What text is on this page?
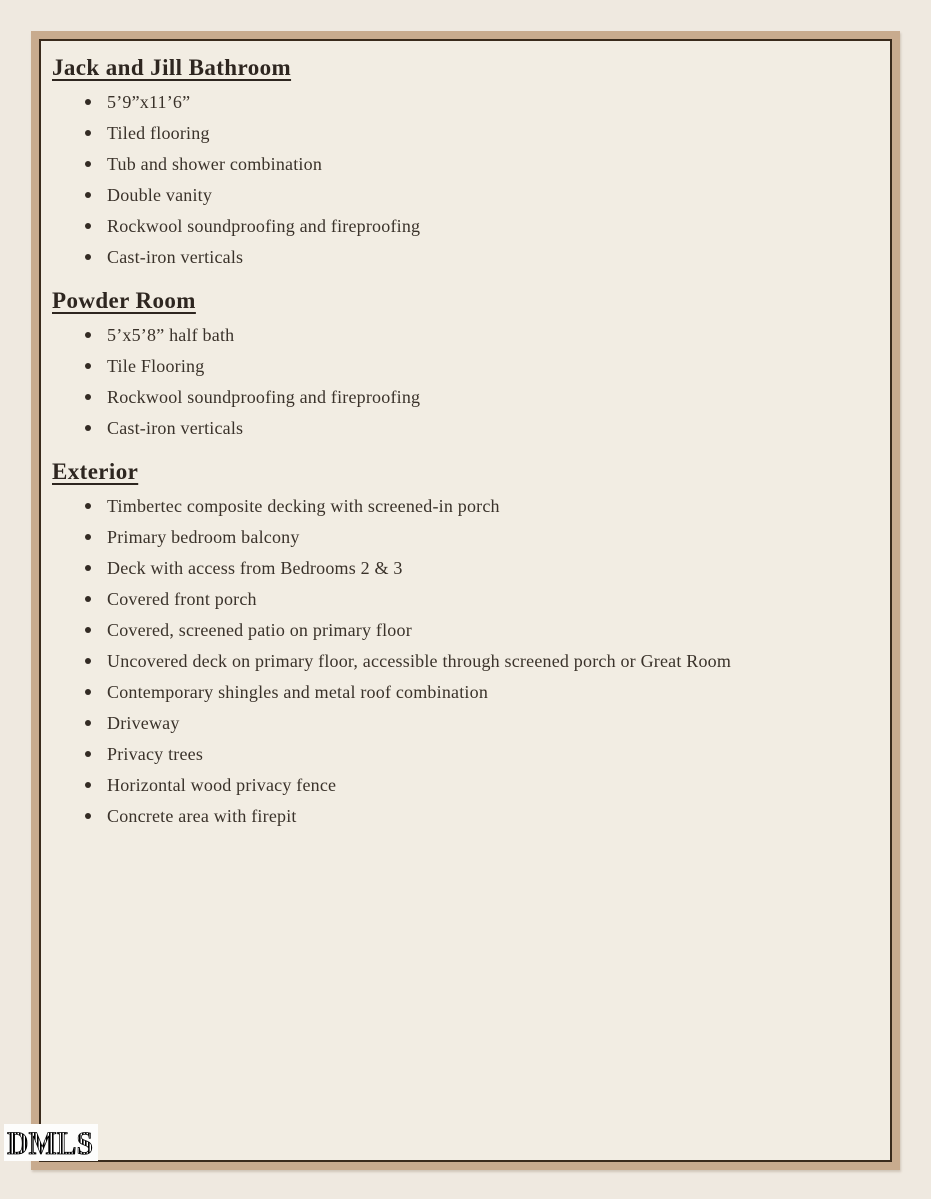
Jack and Jill Bathroom
5’9”x11’6”
Tiled flooring
Tub and shower combination
Double vanity
Rockwool soundproofing and fireproofing
Cast-iron verticals
Powder Room
5’x5’8” half bath
Tile Flooring
Rockwool soundproofing and fireproofing
Cast-iron verticals
Exterior
Timbertec composite decking with screened-in porch
Primary bedroom balcony
Deck with access from Bedrooms 2 & 3
Covered front porch
Covered, screened patio on primary floor
Uncovered deck on primary floor, accessible through screened porch or Great Room
Contemporary shingles and metal roof combination
Driveway
Privacy trees
Horizontal wood privacy fence
Concrete area with firepit
DMLS
